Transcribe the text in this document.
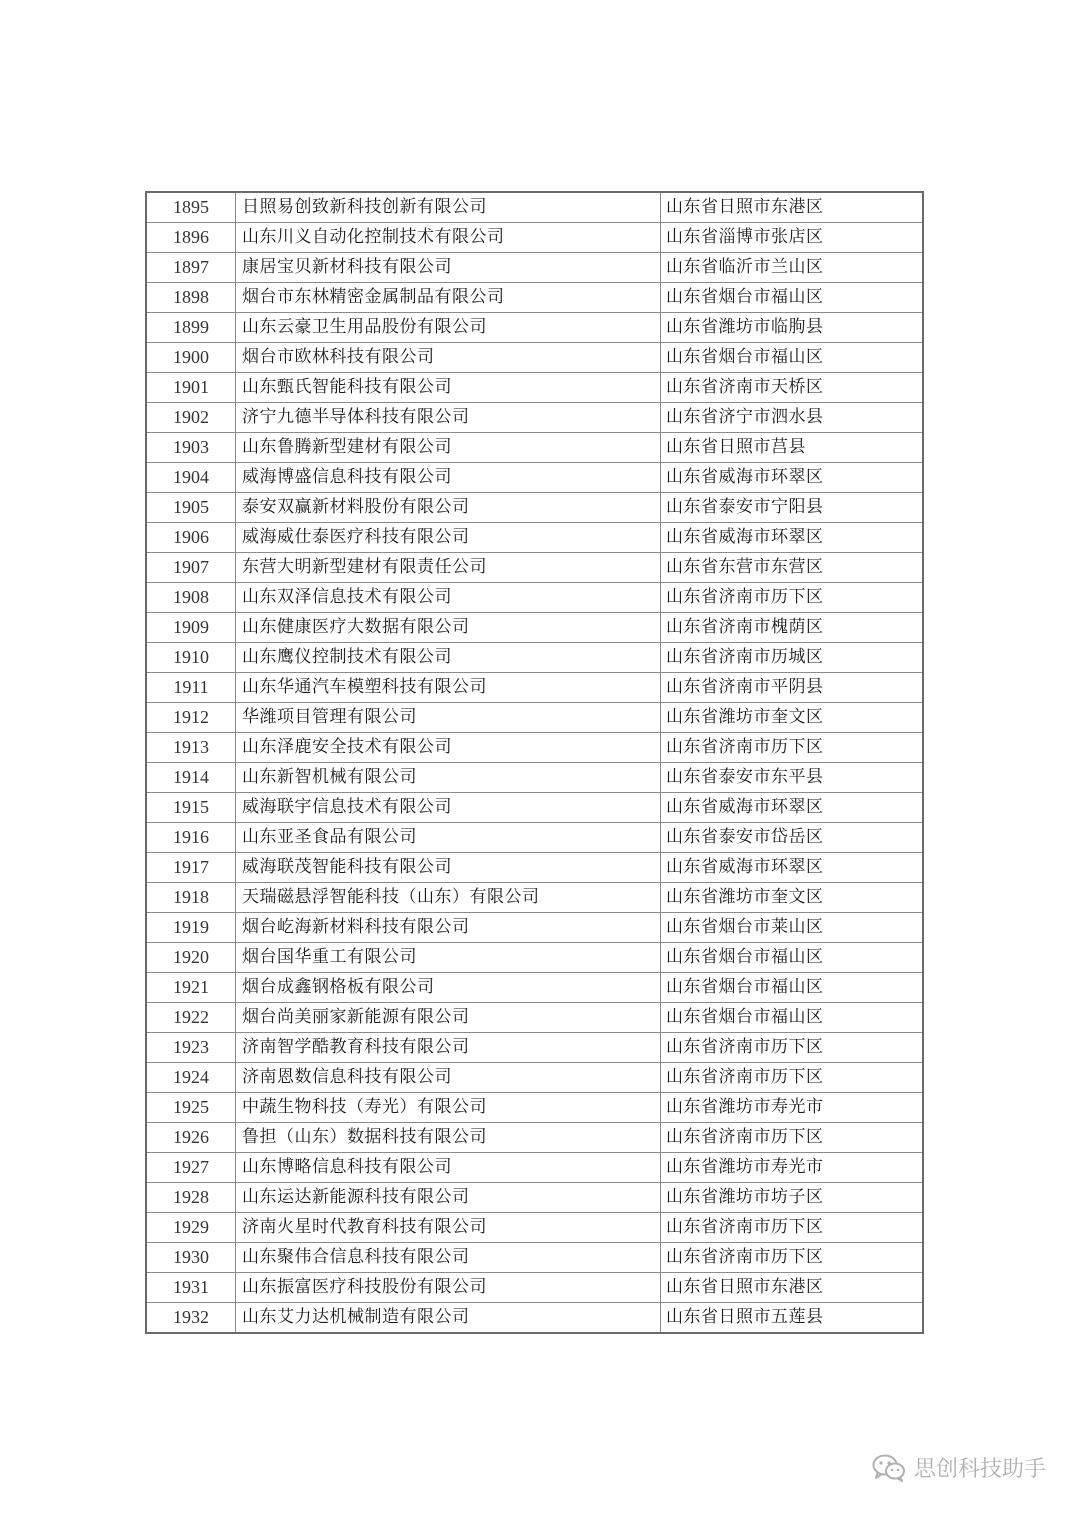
1895	日照易创致新科技创新有限公司	山东省日照市东港区
1896	山东川义自动化控制技术有限公司	山东省淄博市张店区
1897	康居宝贝新材科技有限公司	山东省临沂市兰山区
1898	烟台市东林精密金属制品有限公司	山东省烟台市福山区
1899	山东云豪卫生用品股份有限公司	山东省潍坊市临朐县
1900	烟台市欧林科技有限公司	山东省烟台市福山区
1901	山东甄氏智能科技有限公司	山东省济南市天桥区
1902	济宁九德半导体科技有限公司	山东省济宁市泗水县
1903	山东鲁腾新型建材有限公司	山东省日照市莒县
1904	威海博盛信息科技有限公司	山东省威海市环翠区
1905	泰安双赢新材料股份有限公司	山东省泰安市宁阳县
1906	威海威仕泰医疗科技有限公司	山东省威海市环翠区
1907	东营大明新型建材有限责任公司	山东省东营市东营区
1908	山东双泽信息技术有限公司	山东省济南市历下区
1909	山东健康医疗大数据有限公司	山东省济南市槐荫区
1910	山东鹰仪控制技术有限公司	山东省济南市历城区
1911	山东华通汽车模塑科技有限公司	山东省济南市平阴县
1912	华潍项目管理有限公司	山东省潍坊市奎文区
1913	山东泽鹿安全技术有限公司	山东省济南市历下区
1914	山东新智机械有限公司	山东省泰安市东平县
1915	威海联宇信息技术有限公司	山东省威海市环翠区
1916	山东亚圣食品有限公司	山东省泰安市岱岳区
1917	威海联茂智能科技有限公司	山东省威海市环翠区
1918	天瑞磁悬浮智能科技（山东）有限公司	山东省潍坊市奎文区
1919	烟台屹海新材料科技有限公司	山东省烟台市莱山区
1920	烟台国华重工有限公司	山东省烟台市福山区
1921	烟台成鑫钢格板有限公司	山东省烟台市福山区
1922	烟台尚美丽家新能源有限公司	山东省烟台市福山区
1923	济南智学酷教育科技有限公司	山东省济南市历下区
1924	济南恩数信息科技有限公司	山东省济南市历下区
1925	中蔬生物科技（寿光）有限公司	山东省潍坊市寿光市
1926	鲁担（山东）数据科技有限公司	山东省济南市历下区
1927	山东博略信息科技有限公司	山东省潍坊市寿光市
1928	山东运达新能源科技有限公司	山东省潍坊市坊子区
1929	济南火星时代教育科技有限公司	山东省济南市历下区
1930	山东聚伟合信息科技有限公司	山东省济南市历下区
1931	山东振富医疗科技股份有限公司	山东省日照市东港区
1932	山东艾力达机械制造有限公司	山东省日照市五莲县
思创科技助手
